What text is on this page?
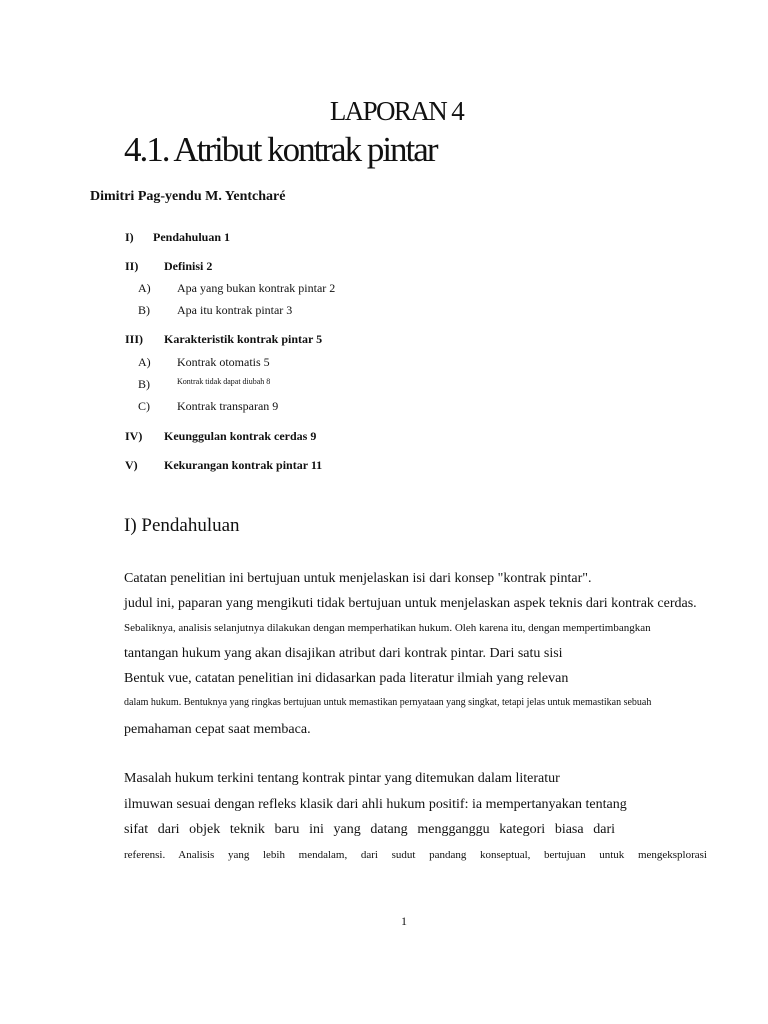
LAPORAN 4
4.1. Atribut kontrak pintar
Dimitri Pag-yendu M. Yentcharé
I) Pendahuluan 1
II) Definisi 2
A) Apa yang bukan kontrak pintar 2
B) Apa itu kontrak pintar 3
III) Karakteristik kontrak pintar 5
A) Kontrak otomatis 5
B)	Kontrak tidak dapat diubah 8
C) Kontrak transparan 9
IV) Keunggulan kontrak cerdas 9
V) Kekurangan kontrak pintar 11
I) Pendahuluan
Catatan penelitian ini bertujuan untuk menjelaskan isi dari konsep "kontrak pintar".
judul ini, paparan yang mengikuti tidak bertujuan untuk menjelaskan aspek teknis dari kontrak cerdas.
Sebaliknya, analisis selanjutnya dilakukan dengan memperhatikan hukum. Oleh karena itu, dengan mempertimbangkan
tantangan hukum yang akan disajikan atribut dari kontrak pintar. Dari satu sisi
Bentuk vue, catatan penelitian ini didasarkan pada literatur ilmiah yang relevan
dalam hukum. Bentuknya yang ringkas bertujuan untuk memastikan pernyataan yang singkat, tetapi jelas untuk memastikan sebuah
pemahaman cepat saat membaca.
Masalah hukum terkini tentang kontrak pintar yang ditemukan dalam literatur
ilmuwan sesuai dengan refleks klasik dari ahli hukum positif: ia mempertanyakan tentang
sifat dari objek teknik baru ini yang datang mengganggu kategori biasa dari
referensi. Analisis yang lebih mendalam, dari sudut pandang konseptual, bertujuan untuk mengeksplorasi
1
